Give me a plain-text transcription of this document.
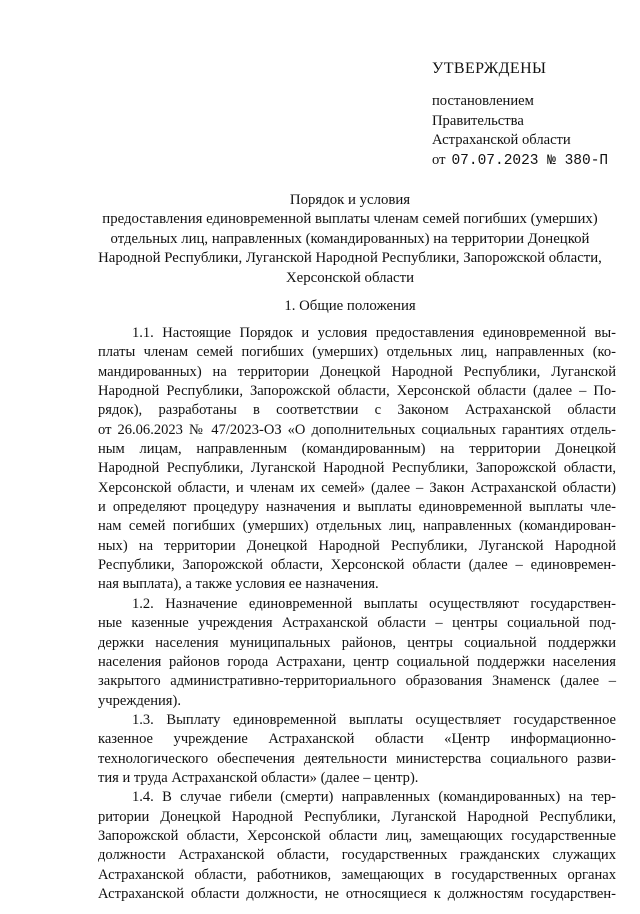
УТВЕРЖДЕНЫ
постановлением
Правительства
Астраханской области
от 07.07.2023 № 380-П
Порядок и условия
предоставления единовременной выплаты членам семей погибших (умерших)
отдельных лиц, направленных (командированных) на территории Донецкой
Народной Республики, Луганской Народной Республики, Запорожской области,
Херсонской области
1. Общие положения
1.1. Настоящие Порядок и условия предоставления единовременной вы-
платы членам семей погибших (умерших) отдельных лиц, направленных (ко-
мандированных) на территории Донецкой Народной Республики, Луганской
Народной Республики, Запорожской области, Херсонской области (далее – По-
рядок), разработаны в соответствии с Законом Астраханской области
от 26.06.2023 № 47/2023-ОЗ «О дополнительных социальных гарантиях отдель-
ным лицам, направленным (командированным) на территории Донецкой
Народной Республики, Луганской Народной Республики, Запорожской области,
Херсонской области, и членам их семей» (далее – Закон Астраханской области)
и определяют процедуру назначения и выплаты единовременной выплаты чле-
нам семей погибших (умерших) отдельных лиц, направленных (командирован-
ных) на территории Донецкой Народной Республики, Луганской Народной
Республики, Запорожской области, Херсонской области (далее – единовремен-
ная выплата), а также условия ее назначения.
1.2. Назначение единовременной выплаты осуществляют государствен-
ные казенные учреждения Астраханской области – центры социальной под-
держки населения муниципальных районов, центры социальной поддержки
населения районов города Астрахани, центр социальной поддержки населения
закрытого административно-территориального образования Знаменск (далее –
учреждения).
1.3. Выплату единовременной выплаты осуществляет государственное
казенное учреждение Астраханской области «Центр информационно-
технологического обеспечения деятельности министерства социального разви-
тия и труда Астраханской области» (далее – центр).
1.4. В случае гибели (смерти) направленных (командированных) на тер-
ритории Донецкой Народной Республики, Луганской Народной Республики,
Запорожской области, Херсонской области лиц, замещающих государственные
должности Астраханской области, государственных гражданских служащих
Астраханской области, работников, замещающих в государственных органах
Астраханской области должности, не относящиеся к должностям государствен-
